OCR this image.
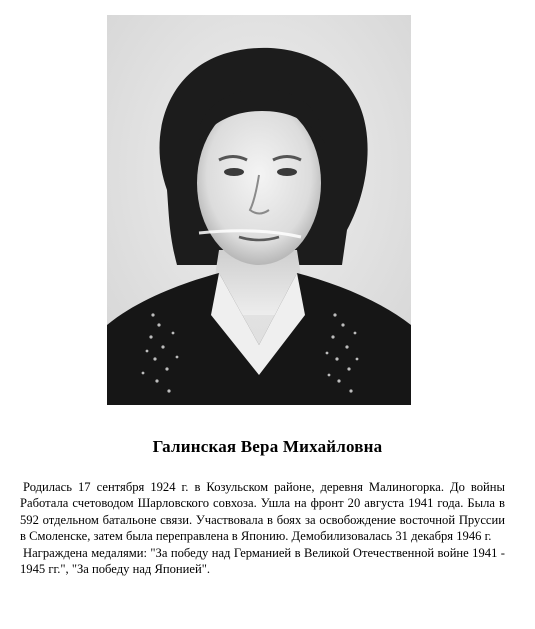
Галинская Вера Михайловна

Родилась 17 сентября 1924 г. в Козульском районе, деревня Малиногорка. До войны Работала счетоводом Шарловского совхоза. Ушла на фронт 20 августа 1941 года. Была в 592 отдельном батальоне связи. Участвовала в боях за освобождение восточной Пруссии в Смоленске, затем была переправлена в Японию. Демобилизовалась 31 декабря 1946 г.

Награждена медалями: "За победу над Германией в Великой Отечественной войне 1941 - 1945 гг.", "За победу над Японией".
